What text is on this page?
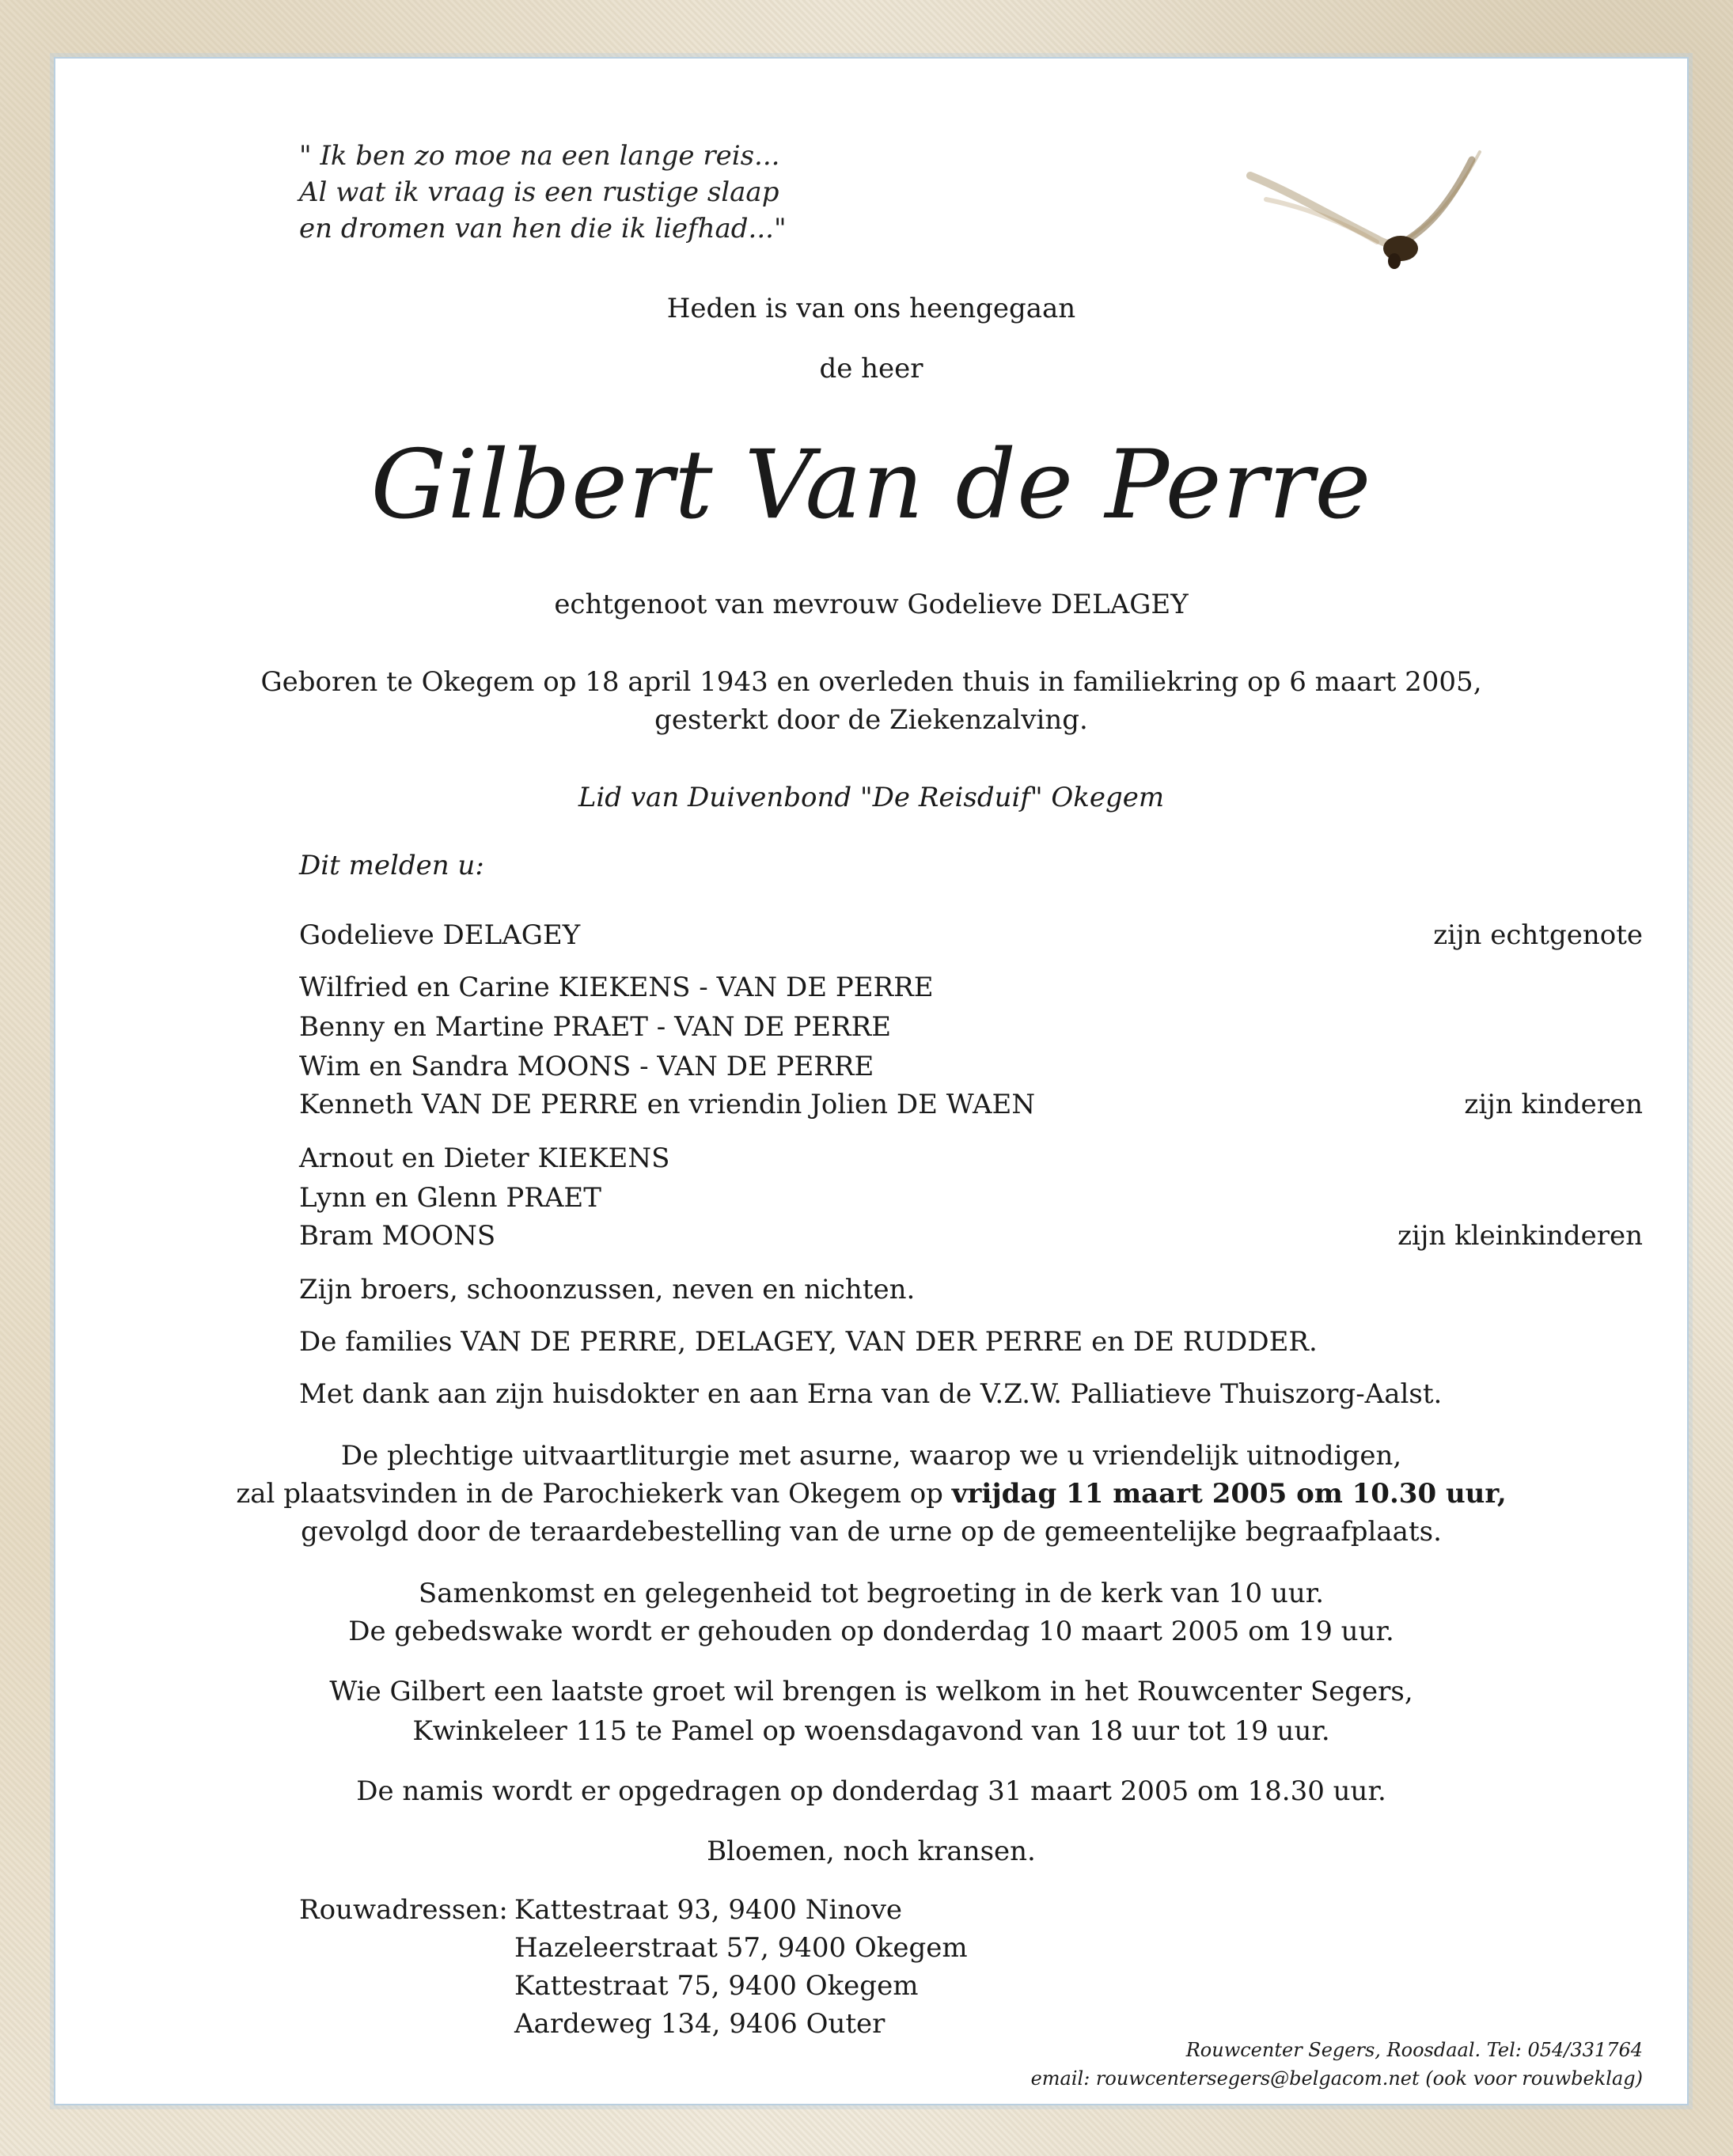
" Ik ben zo moe na een lange reis...
Al wat ik vraag is een rustige slaap
en dromen van hen die ik liefhad..."
Heden is van ons heengegaan
de heer
Gilbert Van de Perre
echtgenoot van mevrouw Godelieve DELAGEY
Geboren te Okegem op 18 april 1943 en overleden thuis in familiekring op 6 maart 2005,
gesterkt door de Ziekenzalving.
Lid van Duivenbond "De Reisduif" Okegem
Dit melden u:
Godelieve DELAGEY	zijn echtgenote
Wilfried en Carine KIEKENS - VAN DE PERRE
Benny en Martine PRAET - VAN DE PERRE
Wim en Sandra MOONS - VAN DE PERRE
Kenneth VAN DE PERRE en vriendin Jolien DE WAEN	zijn kinderen
Arnout en Dieter KIEKENS
Lynn en Glenn PRAET
Bram MOONS	zijn kleinkinderen
Zijn broers, schoonzussen, neven en nichten.
De families VAN DE PERRE, DELAGEY, VAN DER PERRE en DE RUDDER.
Met dank aan zijn huisdokter en aan Erna van de V.Z.W. Palliatieve Thuiszorg-Aalst.
De plechtige uitvaartliturgie met asurne, waarop we u vriendelijk uitnodigen,
zal plaatsvinden in de Parochiekerk van Okegem op vrijdag 11 maart 2005 om 10.30 uur,
gevolgd door de teraardebestelling van de urne op de gemeentelijke begraafplaats.
Samenkomst en gelegenheid tot begroeting in de kerk van 10 uur.
De gebedswake wordt er gehouden op donderdag 10 maart 2005 om 19 uur.
Wie Gilbert een laatste groet wil brengen is welkom in het Rouwcenter Segers,
Kwinkeleer 115 te Pamel op woensdagavond van 18 uur tot 19 uur.
De namis wordt er opgedragen op donderdag 31 maart 2005 om 18.30 uur.
Bloemen, noch kransen.
Rouwadressen: Kattestraat 93, 9400 Ninove
Hazeleerstraat 57, 9400 Okegem
Kattestraat 75, 9400 Okegem
Aardeweg 134, 9406 Outer
Rouwcenter Segers, Roosdaal. Tel: 054/331764
email: rouwcentersegers@belgacom.net (ook voor rouwbeklag)
